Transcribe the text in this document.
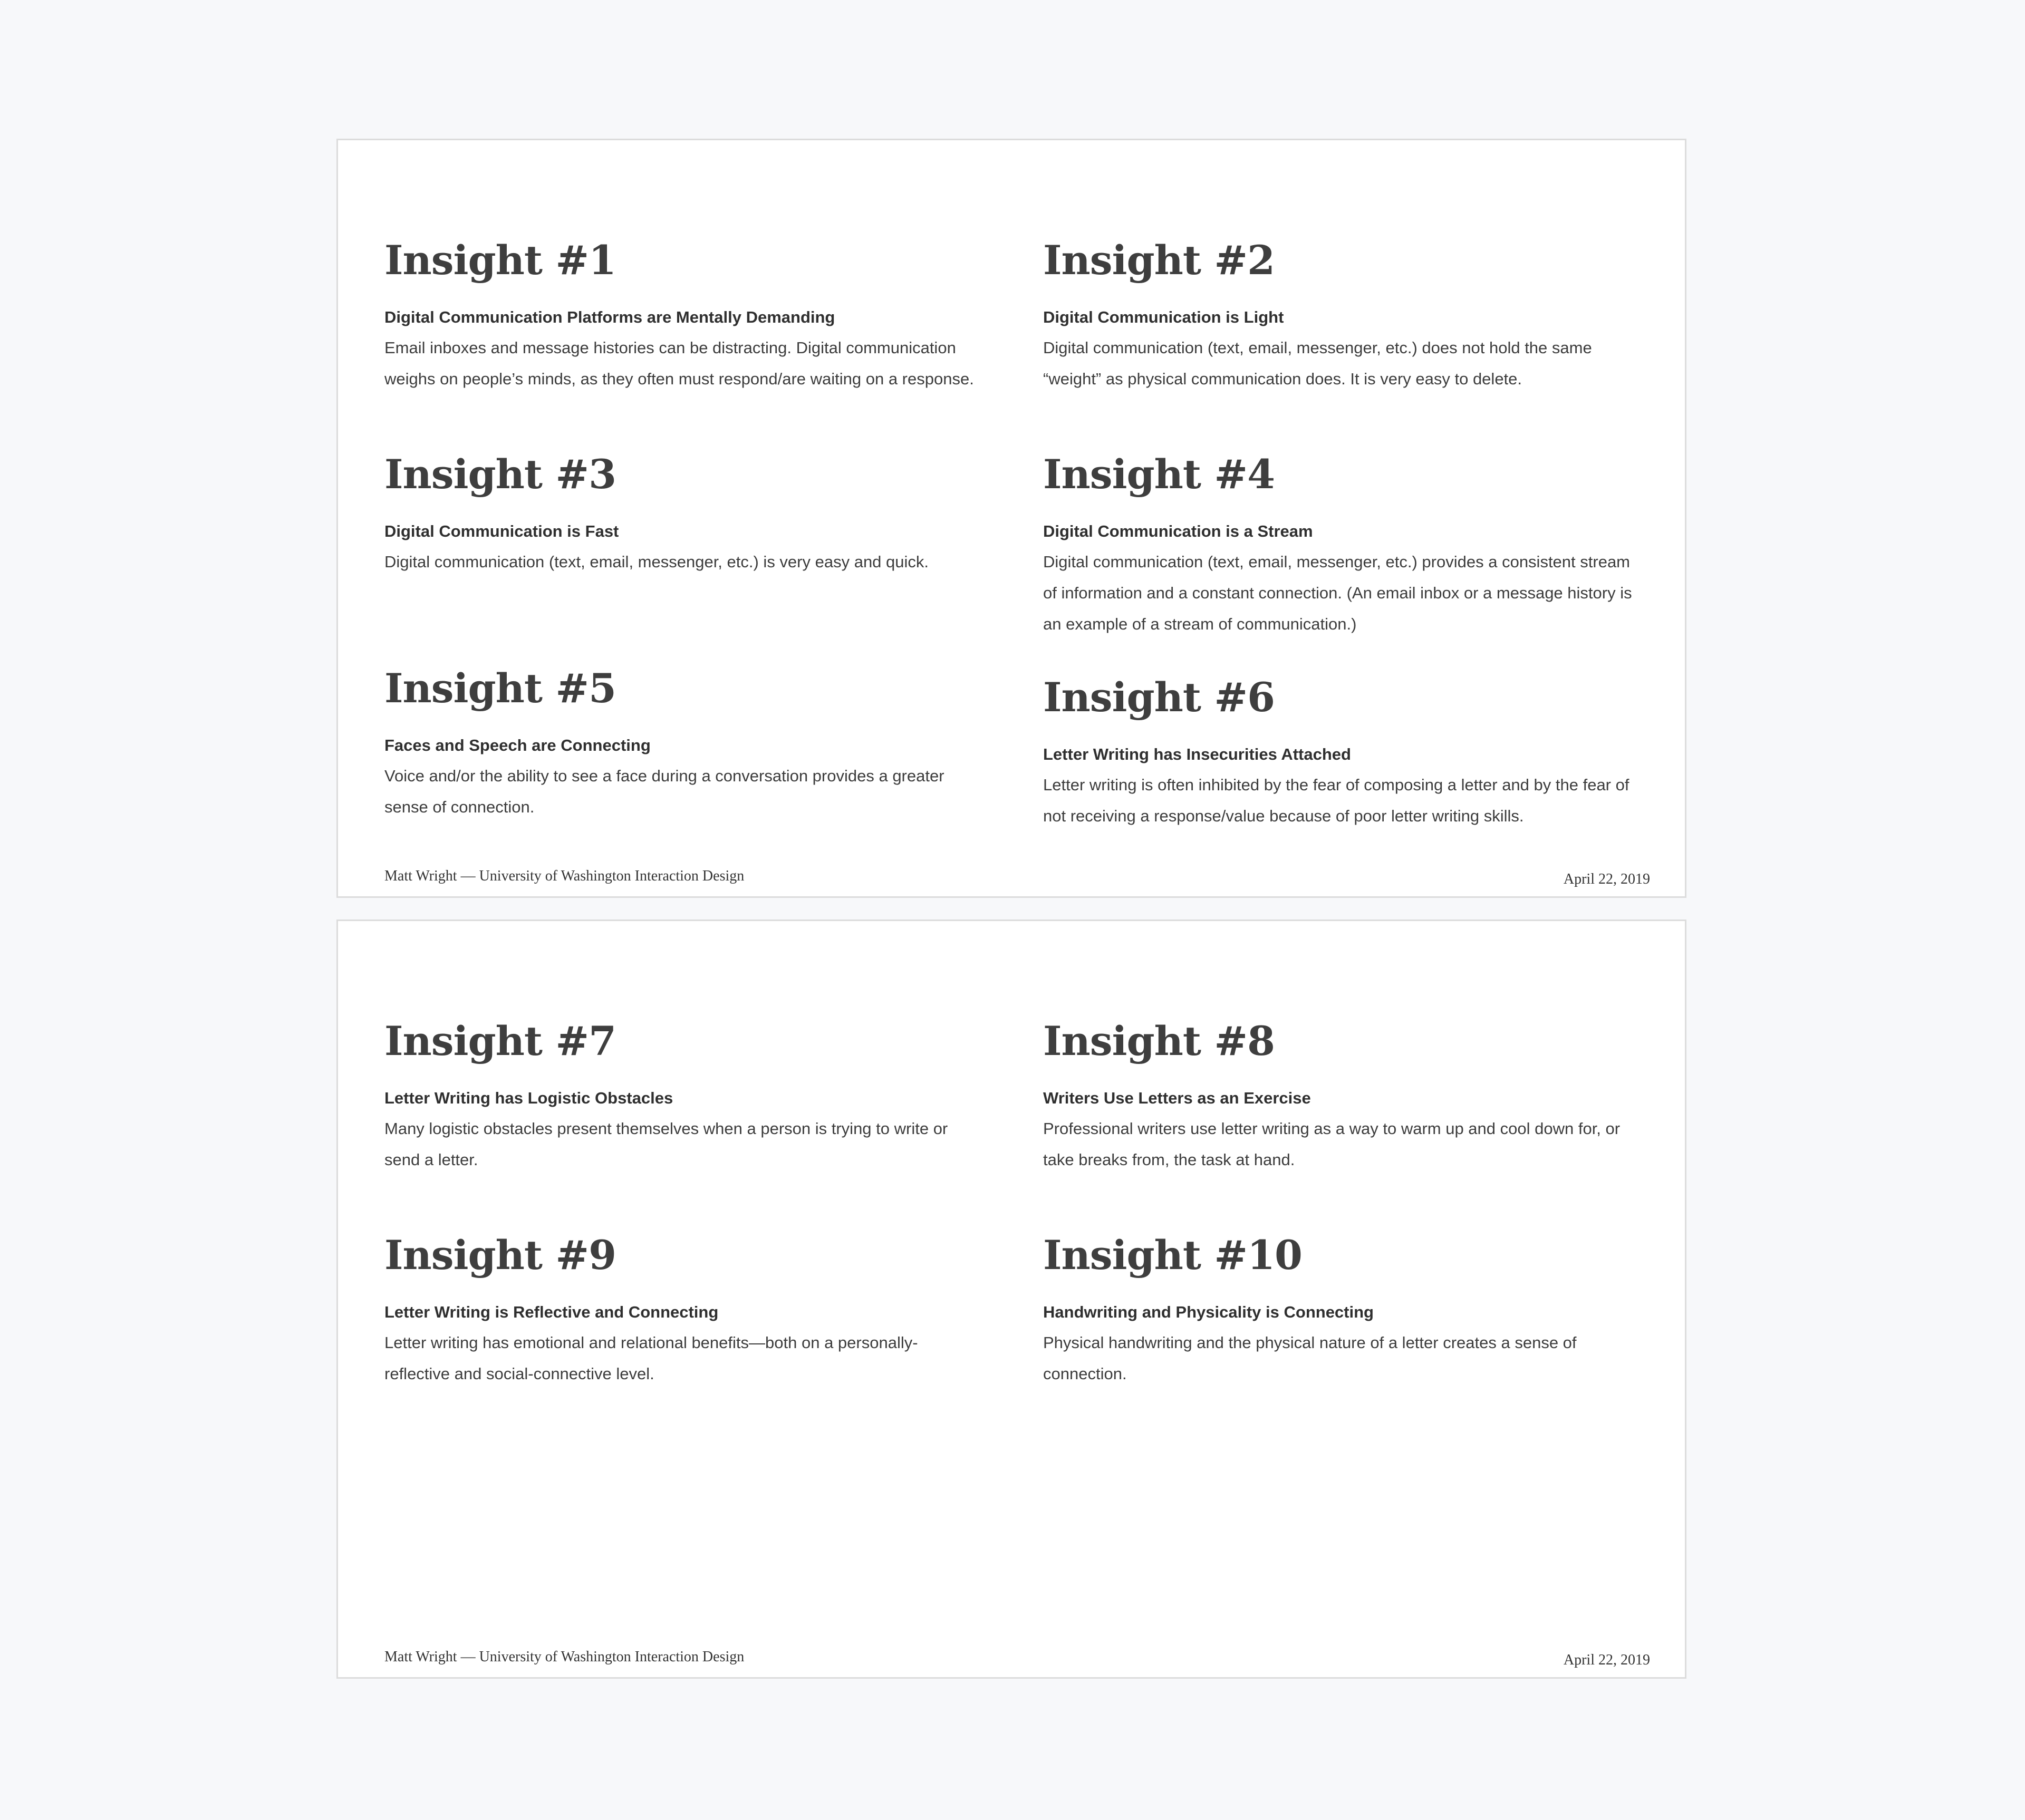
Insight #1
Digital Communication Platforms are Mentally Demanding
Email inboxes and message histories can be distracting. Digital communication weighs on people’s minds, as they often must respond/are waiting on a response.
Insight #2
Digital Communication is Light
Digital communication (text, email, messenger, etc.) does not hold the same “weight” as physical communication does. It is very easy to delete.
Insight #3
Digital Communication is Fast
Digital communication (text, email, messenger, etc.) is very easy and quick.
Insight #4
Digital Communication is a Stream
Digital communication (text, email, messenger, etc.) provides a consistent stream of information and a constant connection. (An email inbox or a message history is an example of a stream of communication.)
Insight #5
Faces and Speech are Connecting
Voice and/or the ability to see a face during a conversation provides a greater sense of connection.
Insight #6
Letter Writing has Insecurities Attached
Letter writing is often inhibited by the fear of composing a letter and by the fear of not receiving a response/value because of poor letter writing skills.
Matt Wright — University of Washington Interaction Design	April 22, 2019
Insight #7
Letter Writing has Logistic Obstacles
Many logistic obstacles present themselves when a person is trying to write or send a letter.
Insight #8
Writers Use Letters as an Exercise
Professional writers use letter writing as a way to warm up and cool down for, or take breaks from, the task at hand.
Insight #9
Letter Writing is Reflective and Connecting
Letter writing has emotional and relational benefits—both on a personally-reflective and social-connective level.
Insight #10
Handwriting and Physicality is Connecting
Physical handwriting and the physical nature of a letter creates a sense of connection.
Matt Wright — University of Washington Interaction Design	April 22, 2019
